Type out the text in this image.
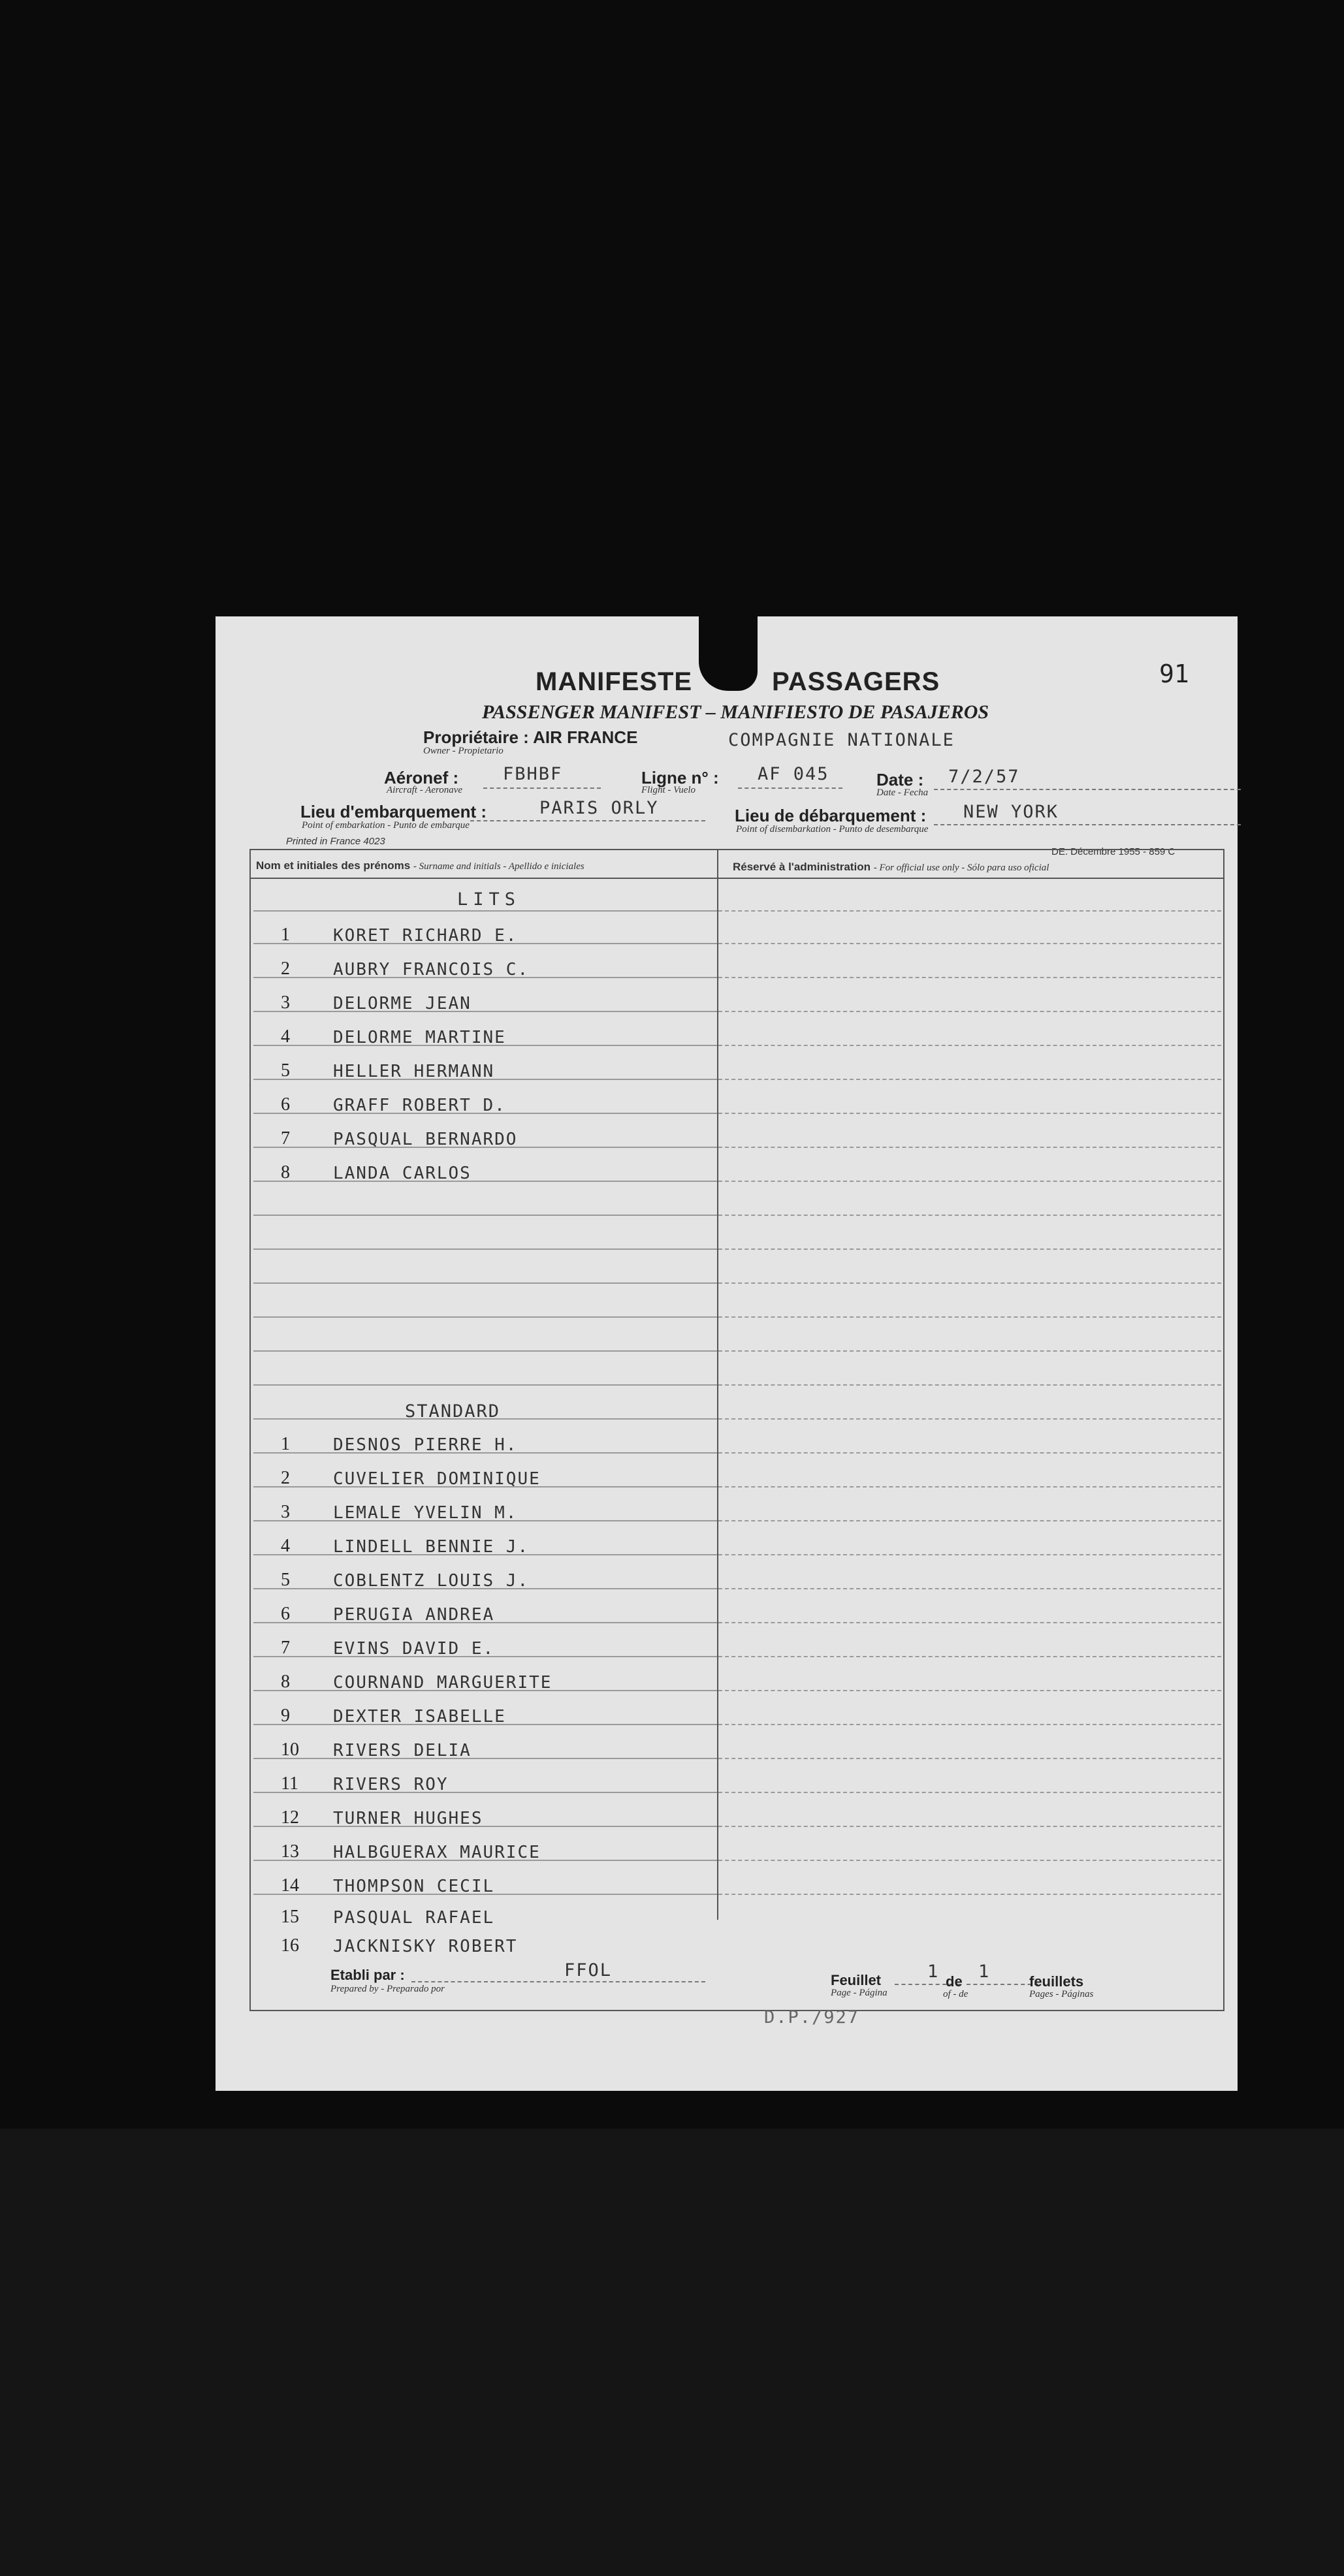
91
MANIFESTE	PASSAGERS
PASSENGER MANIFEST – MANIFIESTO DE PASAJEROS
Propriétaire : AIR FRANCE
Owner - Propietario
COMPAGNIE NATIONALE
Aéronef :
Aircraft - Aeronave
FBHBF	Ligne n° :
Flight - Vuelo
AF 045	Date :
Date - Fecha
7/2/57
Lieu d'embarquement :
Point of embarkation - Punto de embarque
PARIS ORLY	Lieu de débarquement :
Point of disembarkation - Punto de desembarque
NEW YORK
Printed in France 4023
DE. Décembre 1955 - 859 C
Nom et initiales des prénoms - Surname and initials - Apellido e iniciales	Réservé à l'administration - For official use only - Sólo para uso oficial
LITS
1	KORET RICHARD E.
2	AUBRY FRANCOIS C.
3	DELORME JEAN
4	DELORME MARTINE
5	HELLER HERMANN
6	GRAFF ROBERT D.
7	PASQUAL BERNARDO
8	LANDA CARLOS
STANDARD
1	DESNOS PIERRE H.
2	CUVELIER DOMINIQUE
3	LEMALE YVELIN M.
4	LINDELL BENNIE J.
5	COBLENTZ LOUIS J.
6	PERUGIA ANDREA
7	EVINS DAVID E.
8	COURNAND MARGUERITE
9	DEXTER ISABELLE
10 RIVERS DELIA
11 RIVERS ROY
12 TURNER HUGHES
13 HALBGUERAX MAURICE
14 THOMPSON CECIL
15 PASQUAL RAFAEL
16 JACKNISKY ROBERT
Etabli par :
Prepared by - Preparado por
FFOL	Feuillet
Page - Página
1 de
of - de
1	feuillets
Pages - Páginas
D.P./927
